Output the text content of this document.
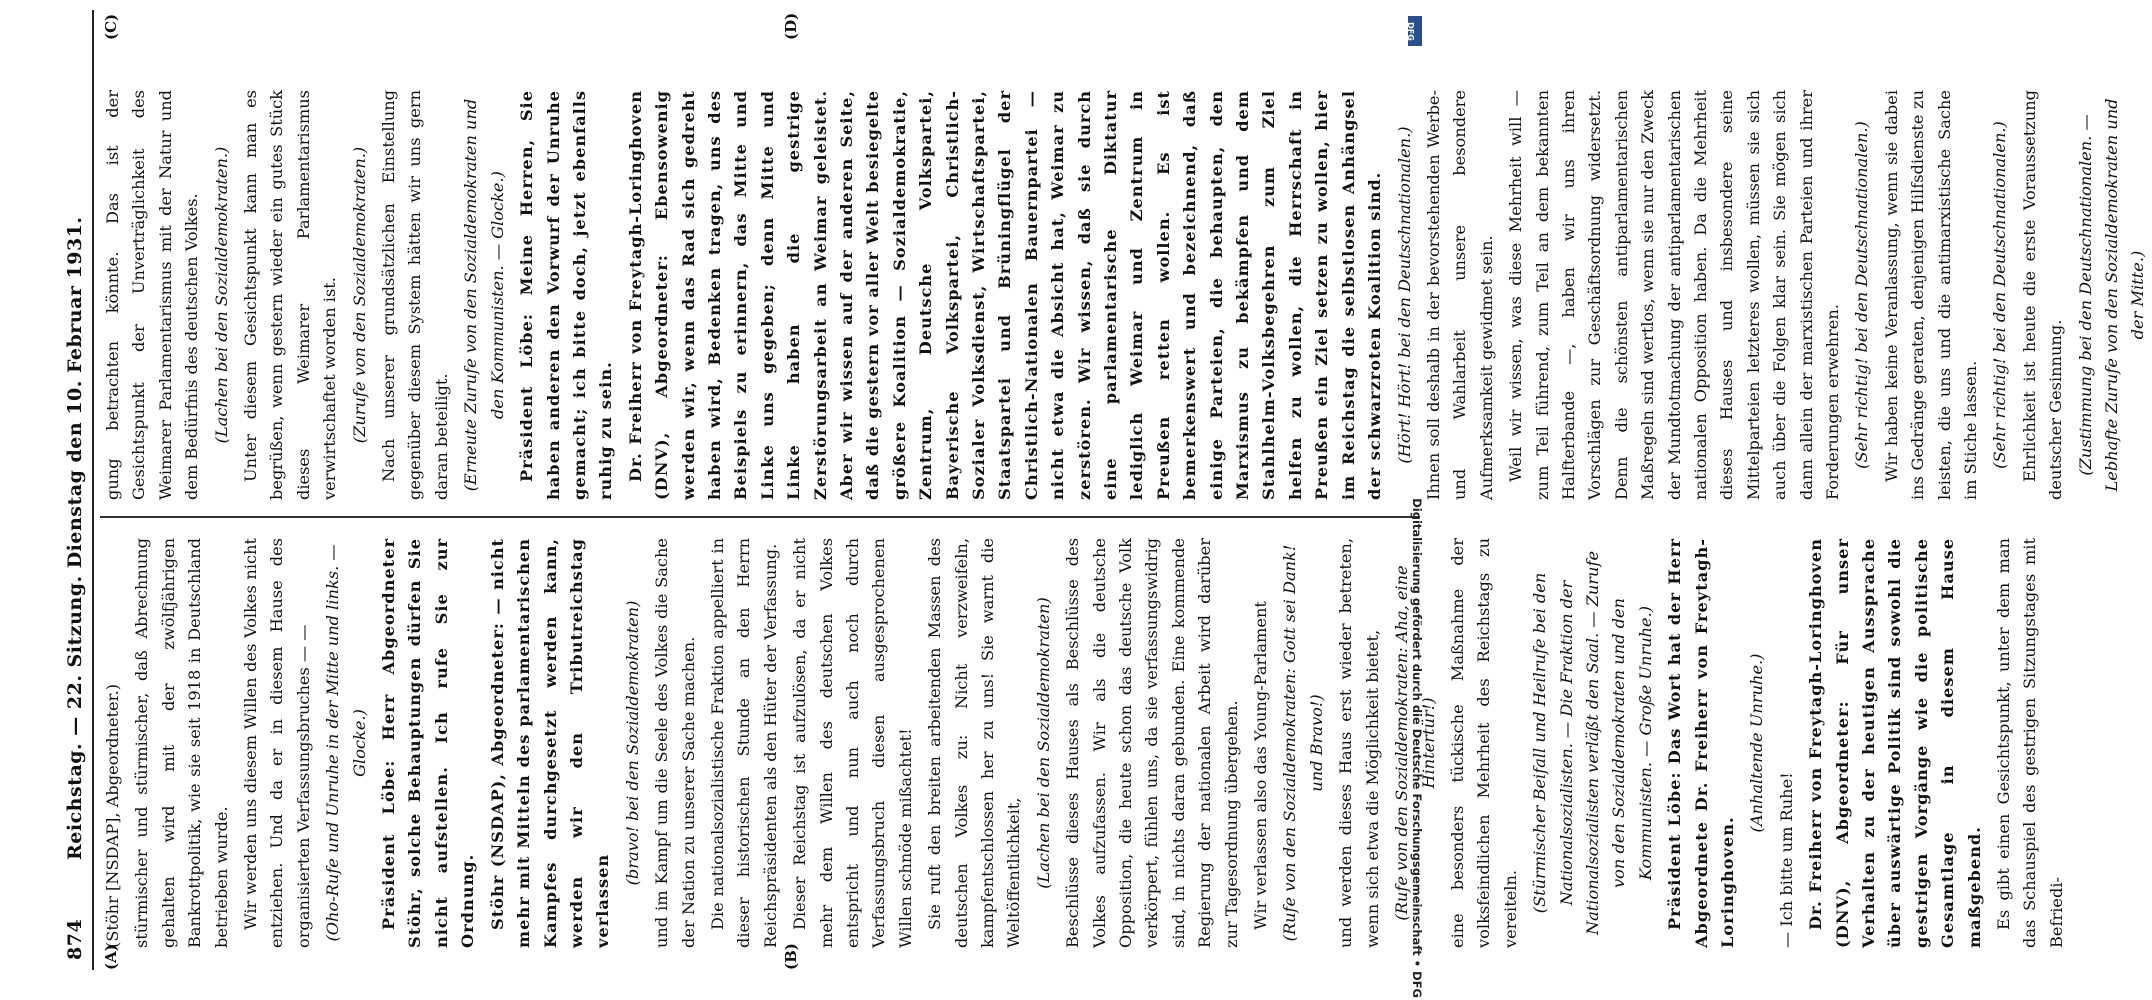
874
Reichstag. — 22. Sitzung. Dienstag den 10. Februar 1931.
(A)	(B)
(C)	(D)

(Stöhr [NSDAP], Abgeordneter.) stürmischer und stürmischer, daß Abrechnung gehalten wird mit der zwölfjährigen Bankrottpolitik, wie sie seit 1918 in Deutschland betrieben wurde. Wir werden uns diesem Willen des Volkes nicht entziehen. Und da er in diesem Hause des organisierten Verfassungsbruches — — (Oho-Rufe und Unruhe in der Mitte und links. — Glocke.) Präsident Löbe: Herr Abgeordneter Stöhr, solche Behauptungen dürfen Sie nicht aufstellen. Ich rufe Sie zur Ordnung. Stöhr (NSDAP), Abgeordneter: — nicht mehr mit Mitteln des parlamentarischen Kampfes durchgesetzt werden kann, werden wir den Tributreichstag verlassen

(bravo! bei den Sozialdemokraten) und im Kampf um die Seele des Volkes die Sache der Nation zu unserer Sache machen. Die nationalsozialistische Fraktion appelliert in dieser historischen Stunde an den Herrn Reichspräsidenten als den Hüter der Verfassung. Dieser Reichstag ist aufzulösen, da er nicht mehr dem Willen des deutschen Volkes entspricht und nun auch noch durch Verfassungsbruch diesen ausgesprochenen Willen schnöde mißachtet! Sie ruft den breiten arbeitenden Massen des deutschen Volkes zu: Nicht verzweifeln, kampfentschlossen her zu uns! Sie warnt die Weltöffentlichkeit, (Lachen bei den Sozialdemokraten) Beschlüsse dieses Hauses als Beschlüsse des Volkes aufzufassen. Wir als die deutsche Opposition, die heute schon das deutsche Volk verkörpert, fühlen uns, da sie verfassungswidrig sind, in nichts daran gebunden. Eine kommende Regierung der nationalen Arbeit wird darüber zur Tagesordnung übergehen. Wir verlassen also das Young-Parlament (Rufe von den Sozialdemokraten: Gott sei Dank! und Bravo!) und werden dieses Haus erst wieder betreten, wenn sich etwa die Möglichkeit bietet, (Rufe von den Sozialdemokraten: Aha, eine Hintertür!) eine besonders tückische Maßnahme der volksfeindlichen Mehrheit des Reichstags zu vereiteln. (Stürmischer Beifall und Heilrufe bei den Nationalsozialisten. — Die Fraktion der Nationalsozialisten verläßt den Saal. — Zurufe von den Sozialdemokraten und den Kommunisten. — Große Unruhe.) Präsident Löbe: Das Wort hat der Herr Abgeordnete Dr. Freiherr von Freytagh-Loringhoven.

(Anhaltende Unruhe.)

— Ich bitte um Ruhe! Dr. Freiherr von Freytagh-Loringhoven (DNV), Abgeordneter: Für unser Verhalten zu der heutigen Aussprache über auswärtige Politik sind sowohl die gestrigen Vorgänge wie die politische Gesamtlage in diesem Hause maßgebend. Es gibt einen Gesichtspunkt, unter dem man das Schauspiel des gestrigen Sitzungstages mit Befriedi-

gung betrachten könnte. Das ist der Gesichtspunkt der Unverträglichkeit des Weimarer Parlamentarismus mit der Natur und dem Bedürfnis des deutschen Volkes. (Lachen bei den Sozialdemokraten.) Unter diesem Gesichtspunkt kann man es begrüßen, wenn gestern wieder ein gutes Stück dieses Weimarer Parlamentarismus verwirtschaftet worden ist. (Zurufe von den Sozialdemokraten.) Nach unserer grundsätzlichen Einstellung gegenüber diesem System hätten wir uns gern daran beteiligt. (Erneute Zurufe von den Sozialdemokraten und den Kommunisten. — Glocke.) Präsident Löbe: Meine Herren, Sie haben anderen den Vorwurf der Unruhe gemacht; ich bitte doch, jetzt ebenfalls ruhig zu sein. Dr. Freiherr von Freytagh-Loringhoven (DNV), Abgeordneter: Ebensowenig werden wir, wenn das Rad sich gedreht haben wird, Bedenken tragen, uns des Beispiels zu erinnern, das Mitte und Linke uns gegeben; denn Mitte und Linke haben die gestrige Zerstörungsarbeit an Weimar geleistet. Aber wir wissen auf der anderen Seite, daß die gestern vor aller Welt besiegelte größere Koalition — Sozialdemokratie, Zentrum, Deutsche Volkspartei, Bayerische Volkspartei, Christlich-Sozialer Volksdienst, Wirtschaftspartei, Staatspartei und Brüningflügel der Christlich-Nationalen Bauernpartei — nicht etwa die Absicht hat, Weimar zu zerstören. Wir wissen, daß sie durch eine parlamentarische Diktatur lediglich Weimar und Zentrum in Preußen retten wollen. Es ist bemerkenswert und bezeichnend, daß einige Parteien, die behaupten, den Marxismus zu bekämpfen und dem Stahlhelm-Volksbegehren zum Ziel helfen zu wollen, die Herrschaft in Preußen ein Ziel setzen zu wollen, hier im Reichstag die selbstlosen Anhängsel der schwarzroten Koalition sind. (Hört! Hört! bei den Deutschnationalen.) Ihnen soll deshalb in der bevorstehenden Werbe- und Wahlarbeit unsere besondere Aufmerksamkeit gewidmet sein. Weil wir wissen, was diese Mehrheit will — zum Teil führend, zum Teil an dem bekannten Halfterbande —, haben wir uns ihren Vorschlägen zur Geschäftsordnung widersetzt. Denn die schönsten antiparlamentarischen Maßregeln sind wertlos, wenn sie nur den Zweck der Mundtotmachung der antiparlamentarischen nationalen Opposition haben. Da die Mehrheit dieses Hauses und insbesondere seine Mittelparteien letzteres wollen, müssen sie sich auch über die Folgen klar sein. Sie mögen sich dann allein der marxistischen Parteien und ihrer Forderungen erwehren. (Sehr richtig! bei den Deutschnationalen.) Wir haben keine Veranlassung, wenn sie dabei ins Gedränge geraten, denjenigen Hilfsdienste zu leisten, die uns und die antimarxistische Sache im Stiche lassen. (Sehr richtig! bei den Deutschnationalen.) Ehrlichkeit ist heute die erste Voraussetzung deutscher Gesinnung. (Zustimmung bei den Deutschnationalen. — Lebhafte Zurufe von den Sozialdemokraten und der Mitte.)

DFG
Digitalisierung gefördert durch die Deutsche Forschungsgemeinschaft • DFG
